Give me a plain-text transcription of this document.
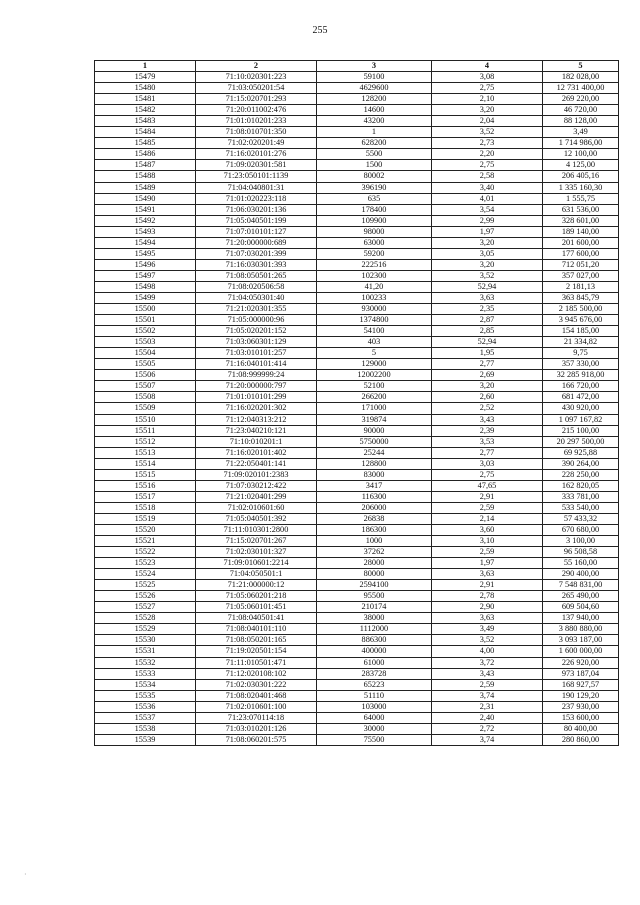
255
1	2	3	4	5
15479	71:10:020301:223	59100	3,08	182 028,00
15480	71:03:050201:54	4629600	2,75	12 731 400,00
15481	71:15:020701:293	128200	2,10	269 220,00
15482	71:20:011002:476	14600	3,20	46 720,00
15483	71:01:010201:233	43200	2,04	88 128,00
15484	71:08:010701:350	1	3,52	3,49
15485	71:02:020201:49	628200	2,73	1 714 986,00
15486	71:16:020101:276	5500	2,20	12 100,00
15487	71:09:020301:581	1500	2,75	4 125,00
15488	71:23:050101:1139	80002	2,58	206 405,16
15489	71:04:040801:31	396190	3,40	1 335 160,30
15490	71:01:020223:118	635	4,01	1 555,75
15491	71:06:030201:136	178400	3,54	631 536,00
15492	71:05:040501:199	109900	2,99	328 601,00
15493	71:07:010101:127	98000	1,97	189 140,00
15494	71:20:000000:689	63000	3,20	201 600,00
15495	71:07:030201:399	59200	3,05	177 600,00
15496	71:16:030301:393	222516	3,20	712 051,20
15497	71:08:050501:265	102300	3,52	357 027,00
15498	71:08:020506:58	41,20	52,94	2 181,13
15499	71:04:050301:40	100233	3,63	363 845,79
15500	71:21:020301:355	930000	2,35	2 185 500,00
15501	71:05:000000:96	1374800	2,87	3 945 676,00
15502	71:05:020201:152	54100	2,85	154 185,00
15503	71:03:060301:129	403	52,94	21 334,82
15504	71:03:010101:257	5	1,95	9,75
15505	71:16:040101:414	129000	2,77	357 330,00
15506	71:08:999999:24	12002200	2,69	32 285 918,00
15507	71:20:000000:797	52100	3,20	166 720,00
15508	71:01:010101:299	266200	2,60	681 472,00
15509	71:16:020201:302	171000	2,52	430 920,00
15510	71:12:040313:212	319874	3,43	1 097 167,82
15511	71:23:040210:121	90000	2,39	215 100,00
15512	71:10:010201:1	5750000	3,53	20 297 500,00
15513	71:16:020101:402	25244	2,77	69 925,88
15514	71:22:050401:141	128800	3,03	390 264,00
15515	71:09:020101:2383	83000	2,75	228 250,00
15516	71:07:030212:422	3417	47,65	162 820,05
15517	71:21:020401:299	116300	2,91	333 781,00
15518	71:02:010601:60	206000	2,59	533 540,00
15519	71:05:040501:392	26838	2,14	57 433,32
15520	71:11:010301:2800	186300	3,60	670 680,00
15521	71:15:020701:267	1000	3,10	3 100,00
15522	71:02:030101:327	37262	2,59	96 508,58
15523	71:09:010601:2214	28000	1,97	55 160,00
15524	71:04:050501:1	80000	3,63	290 400,00
15525	71:21:000000:12	2594100	2,91	7 548 831,00
15526	71:05:060201:218	95500	2,78	265 490,00
15527	71:05:060101:451	210174	2,90	609 504,60
15528	71:08:040501:41	38000	3,63	137 940,00
15529	71:08:040101:110	1112000	3,49	3 880 880,00
15530	71:08:050201:165	886300	3,52	3 093 187,00
15531	71:19:020501:154	400000	4,00	1 600 000,00
15532	71:11:010501:471	61000	3,72	226 920,00
15533	71:12:020108:102	283728	3,43	973 187,04
15534	71:02:030301:222	65223	2,59	168 927,57
15535	71:08:020401:468	51110	3,74	190 129,20
15536	71:02:010601:100	103000	2,31	237 930,00
15537	71:23:070114:18	64000	2,40	153 600,00
15538	71:03:010201:126	30000	2,72	80 400,00
15539	71:08:060201:575	75500	3,74	280 860,00
·
